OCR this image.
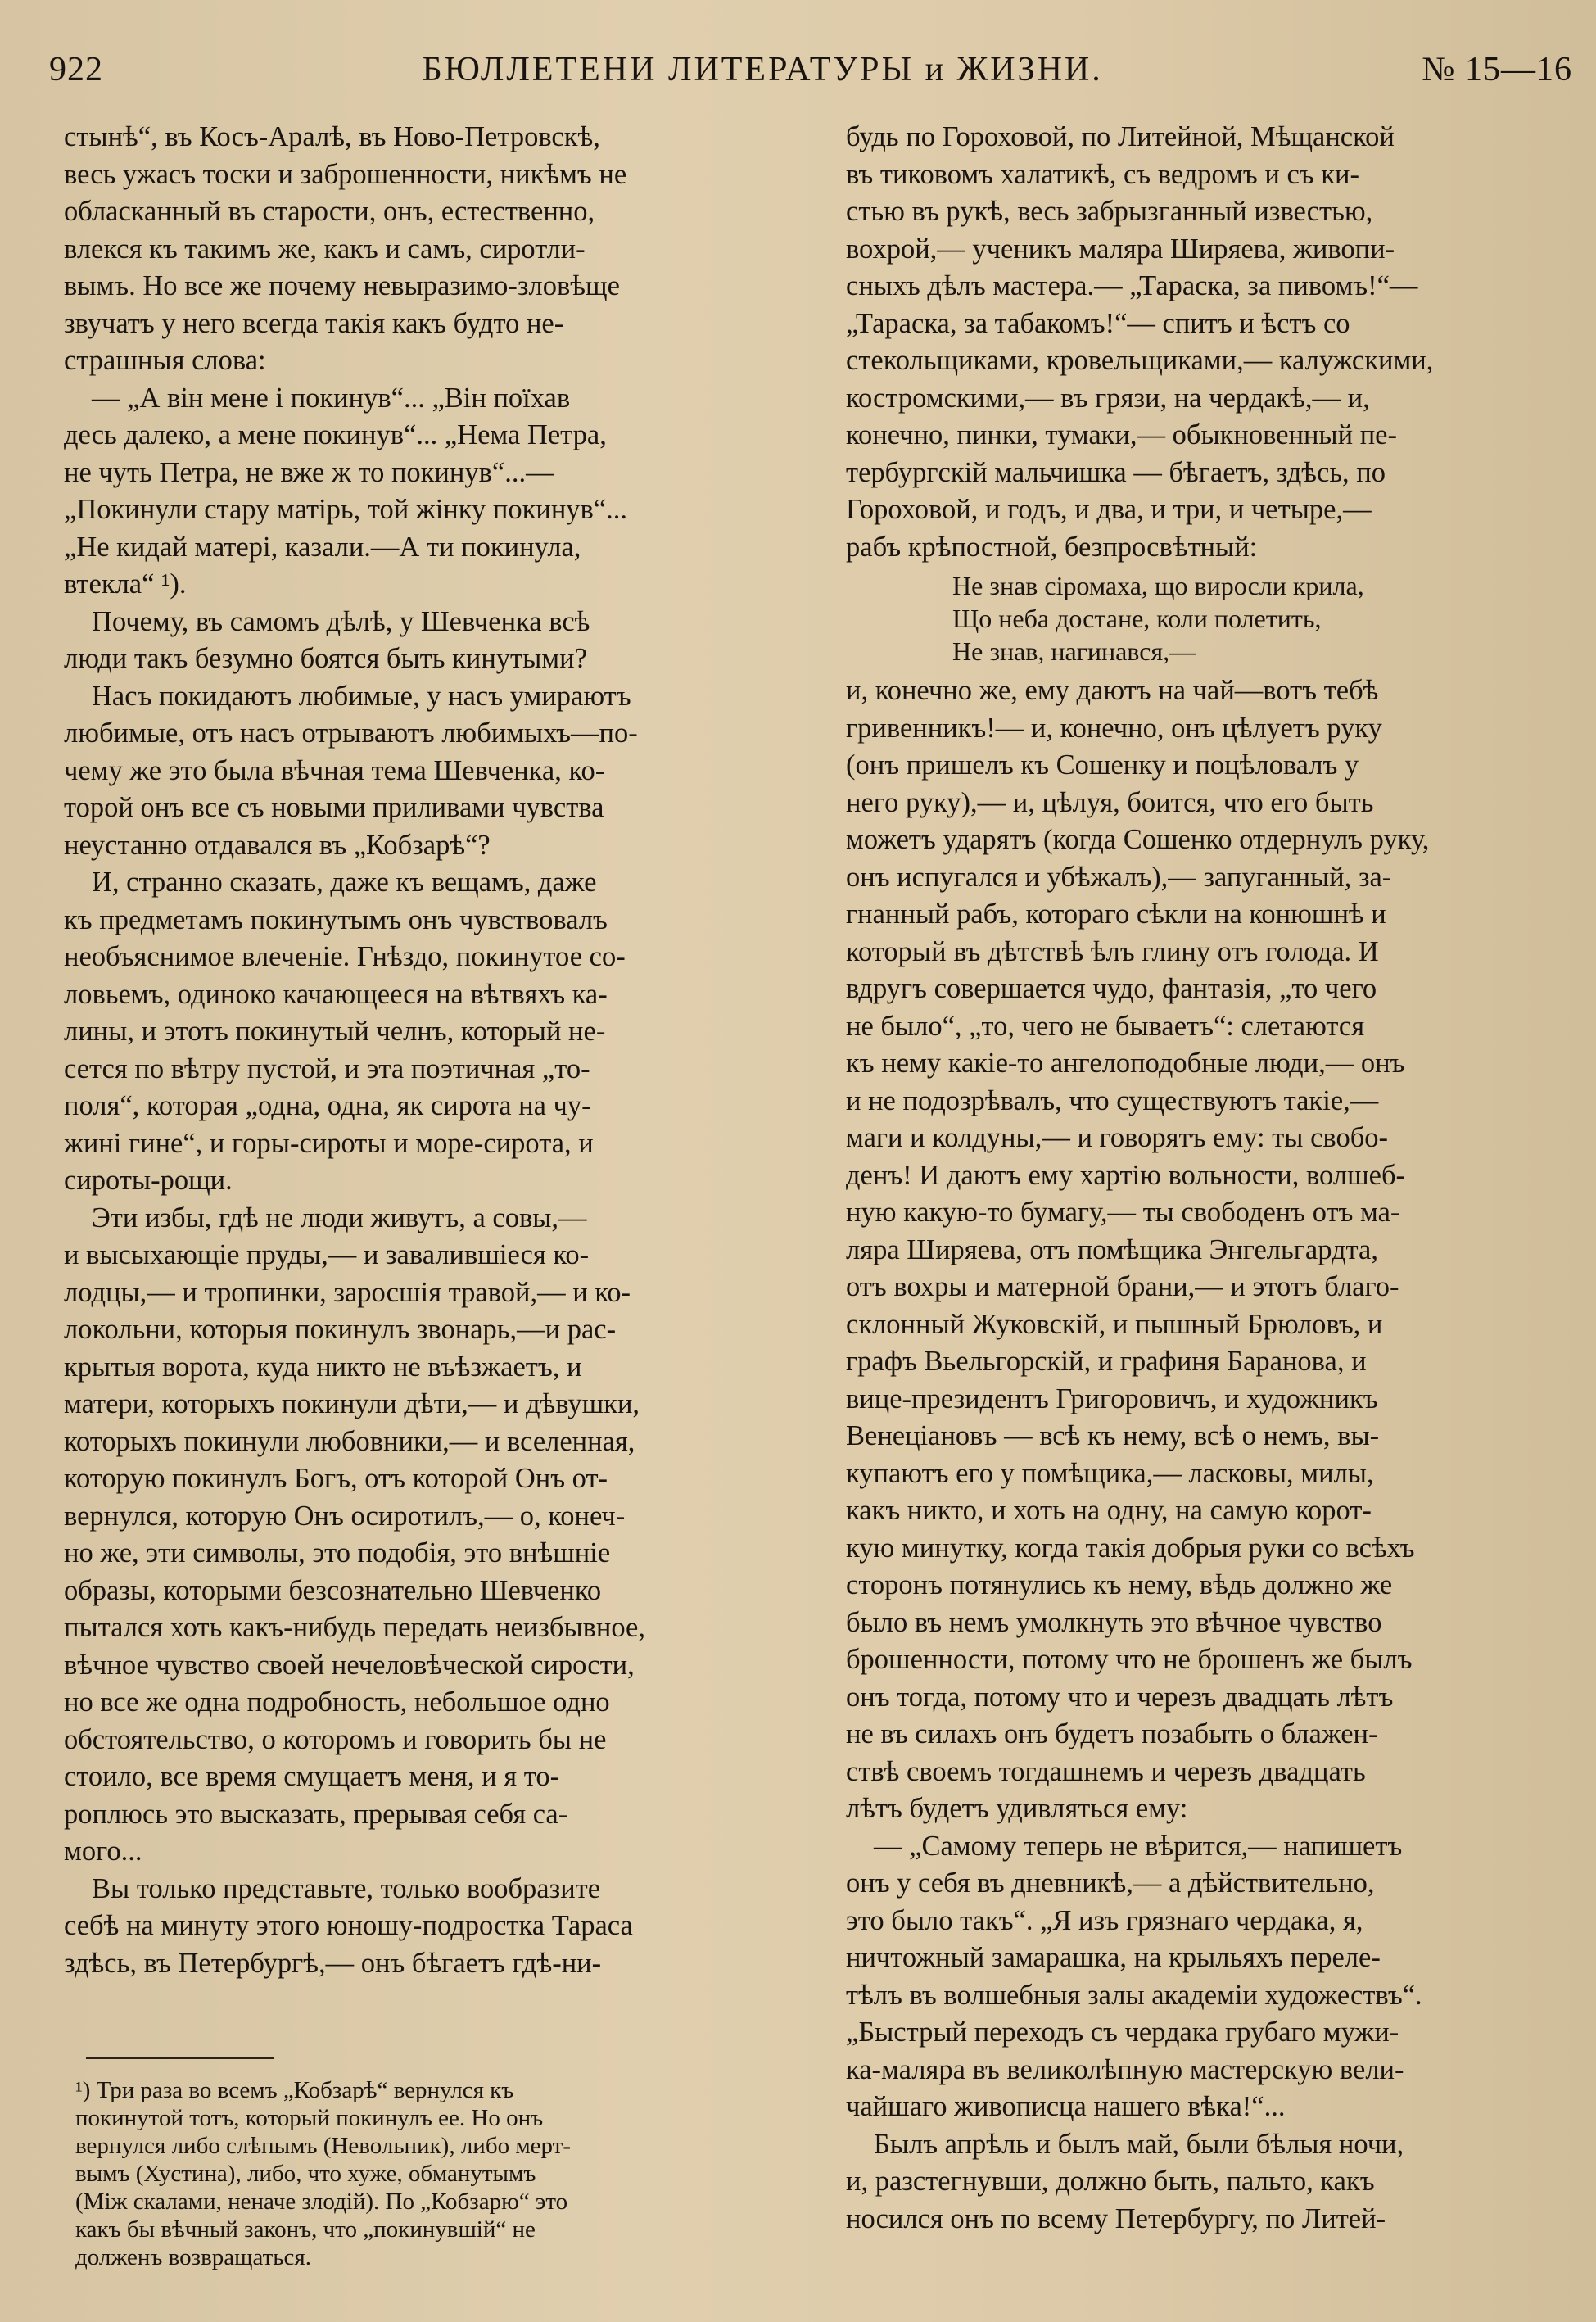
922	БЮЛЛЕТЕНИ ЛИТЕРАТУРЫ и ЖИЗНИ.	№ 15—16

стынѣ“, въ Косъ-Аралѣ, въ Ново-Петровскѣ,
весь ужасъ тоски и заброшенности, никѣмъ не
обласканный въ старости, онъ, естественно,
влекся къ такимъ же, какъ и самъ, сиротли-
вымъ. Но все же почему невыразимо-зловѣще
звучатъ у него всегда такія какъ будто не-
страшныя слова:

— „А він мене і покинув“... „Він поїхав
десь далеко, а мене покинув“... „Нема Петра,
не чуть Петра, не вже ж то покинув“...—
„Покинули стару матірь, той жінку покинув“...
„Не кидай матері, казали.—А ти покинула,
втекла“ ¹).

Почему, въ самомъ дѣлѣ, у Шевченка всѣ
люди такъ безумно боятся быть кинутыми?

Насъ покидаютъ любимые, у насъ умираютъ
любимые, отъ насъ отрываютъ любимыхъ—по-
чему же это была вѣчная тема Шевченка, ко-
торой онъ все съ новыми приливами чувства
неустанно отдавался въ „Кобзарѣ“?

И, странно сказать, даже къ вещамъ, даже
къ предметамъ покинутымъ онъ чувствовалъ
необъяснимое влеченіе. Гнѣздо, покинутое со-
ловьемъ, одиноко качающееся на вѣтвяхъ ка-
лины, и этотъ покинутый челнъ, который не-
сется по вѣтру пустой, и эта поэтичная „то-
поля“, которая „одна, одна, як сирота на чу-
жині гине“, и горы-сироты и море-сирота, и
сироты-рощи.

Эти избы, гдѣ не люди живутъ, а совы,—
и высыхающіе пруды,— и завалившіеся ко-
лодцы,— и тропинки, заросшія травой,— и ко-
локольни, которыя покинулъ звонарь,—и рас-
крытыя ворота, куда никто не въѣзжаетъ, и
матери, которыхъ покинули дѣти,— и дѣвушки,
которыхъ покинули любовники,— и вселенная,
которую покинулъ Богъ, отъ которой Онъ от-
вернулся, которую Онъ осиротилъ,— о, конеч-
но же, эти символы, это подобія, это внѣшніе
образы, которыми безсознательно Шевченко
пытался хоть какъ-нибудь передать неизбывное,
вѣчное чувство своей нечеловѣческой сирости,
но все же одна подробность, небольшое одно
обстоятельство, о которомъ и говорить бы не
стоило, все время смущаетъ меня, и я то-
роплюсь это высказать, прерывая себя са-
мого...

Вы только представьте, только вообразите
себѣ на минуту этого юношу-подростка Тараса
здѣсь, въ Петербургѣ,— онъ бѣгаетъ гдѣ-ни-

¹) Три раза во всемъ „Кобзарѣ“ вернулся къ
покинутой тотъ, который покинулъ ее. Но онъ
вернулся либо слѣпымъ (Невольник), либо мерт-
вымъ (Хустина), либо, что хуже, обманутымъ
(Між скалами, неначе злодій). По „Кобзарю“ это
какъ бы вѣчный законъ, что „покинувшій“ не
долженъ возвращаться.

будь по Гороховой, по Литейной, Мѣщанской
въ тиковомъ халатикѣ, съ ведромъ и съ ки-
стью въ рукѣ, весь забрызганный известью,
вохрой,— ученикъ маляра Ширяева, живопи-
сныхъ дѣлъ мастера.— „Тараска, за пивомъ!“—
„Тараска, за табакомъ!“— спитъ и ѣстъ со
стекольщиками, кровельщиками,— калужскими,
костромскими,— въ грязи, на чердакѣ,— и,
конечно, пинки, тумаки,— обыкновенный пе-
тербургскій мальчишка — бѣгаетъ, здѣсь, по
Гороховой, и годъ, и два, и три, и четыре,—
рабъ крѣпостной, безпросвѣтный:

Не знав сіромаха, що виросли крила,
Що неба достане, коли полетить,
Не знав, нагинався,—

и, конечно же, ему даютъ на чай—вотъ тебѣ
гривенникъ!— и, конечно, онъ цѣлуетъ руку
(онъ пришелъ къ Сошенку и поцѣловалъ у
него руку),— и, цѣлуя, боится, что его быть
можетъ ударятъ (когда Сошенко отдернулъ руку,
онъ испугался и убѣжалъ),— запуганный, за-
гнанный рабъ, котораго сѣкли на конюшнѣ и
который въ дѣтствѣ ѣлъ глину отъ голода. И
вдругъ совершается чудо, фантазія, „то чего
не было“, „то, чего не бываетъ“: слетаются
къ нему какіе-то ангелоподобные люди,— онъ
и не подозрѣвалъ, что существуютъ такіе,—
маги и колдуны,— и говорятъ ему: ты свобо-
денъ! И даютъ ему хартію вольности, волшеб-
ную какую-то бумагу,— ты свободенъ отъ ма-
ляра Ширяева, отъ помѣщика Энгельгардта,
отъ вохры и матерной брани,— и этотъ благо-
склонный Жуковскій, и пышный Брюловъ, и
графъ Вьельгорскій, и графиня Баранова, и
вице-президентъ Григоровичъ, и художникъ
Венеціановъ — всѣ къ нему, всѣ о немъ, вы-
купаютъ его у помѣщика,— ласковы, милы,
какъ никто, и хоть на одну, на самую корот-
кую минутку, когда такія добрыя руки со всѣхъ
сторонъ потянулись къ нему, вѣдь должно же
было въ немъ умолкнуть это вѣчное чувство
брошенности, потому что не брошенъ же былъ
онъ тогда, потому что и черезъ двадцать лѣтъ
не въ силахъ онъ будетъ позабыть о блажен-
ствѣ своемъ тогдашнемъ и черезъ двадцать
лѣтъ будетъ удивляться ему:

— „Самому теперь не вѣрится,— напишетъ
онъ у себя въ дневникѣ,— а дѣйствительно,
это было такъ“. „Я изъ грязнаго чердака, я,
ничтожный замарашка, на крыльяхъ переле-
тѣлъ въ волшебныя залы академіи художествъ“.
„Быстрый переходъ съ чердака грубаго мужи-
ка-маляра въ великолѣпную мастерскую вели-
чайшаго живописца нашего вѣка!“...

Былъ апрѣль и былъ май, были бѣлыя ночи,
и, разстегнувши, должно быть, пальто, какъ
носился онъ по всему Петербургу, по Литей-
